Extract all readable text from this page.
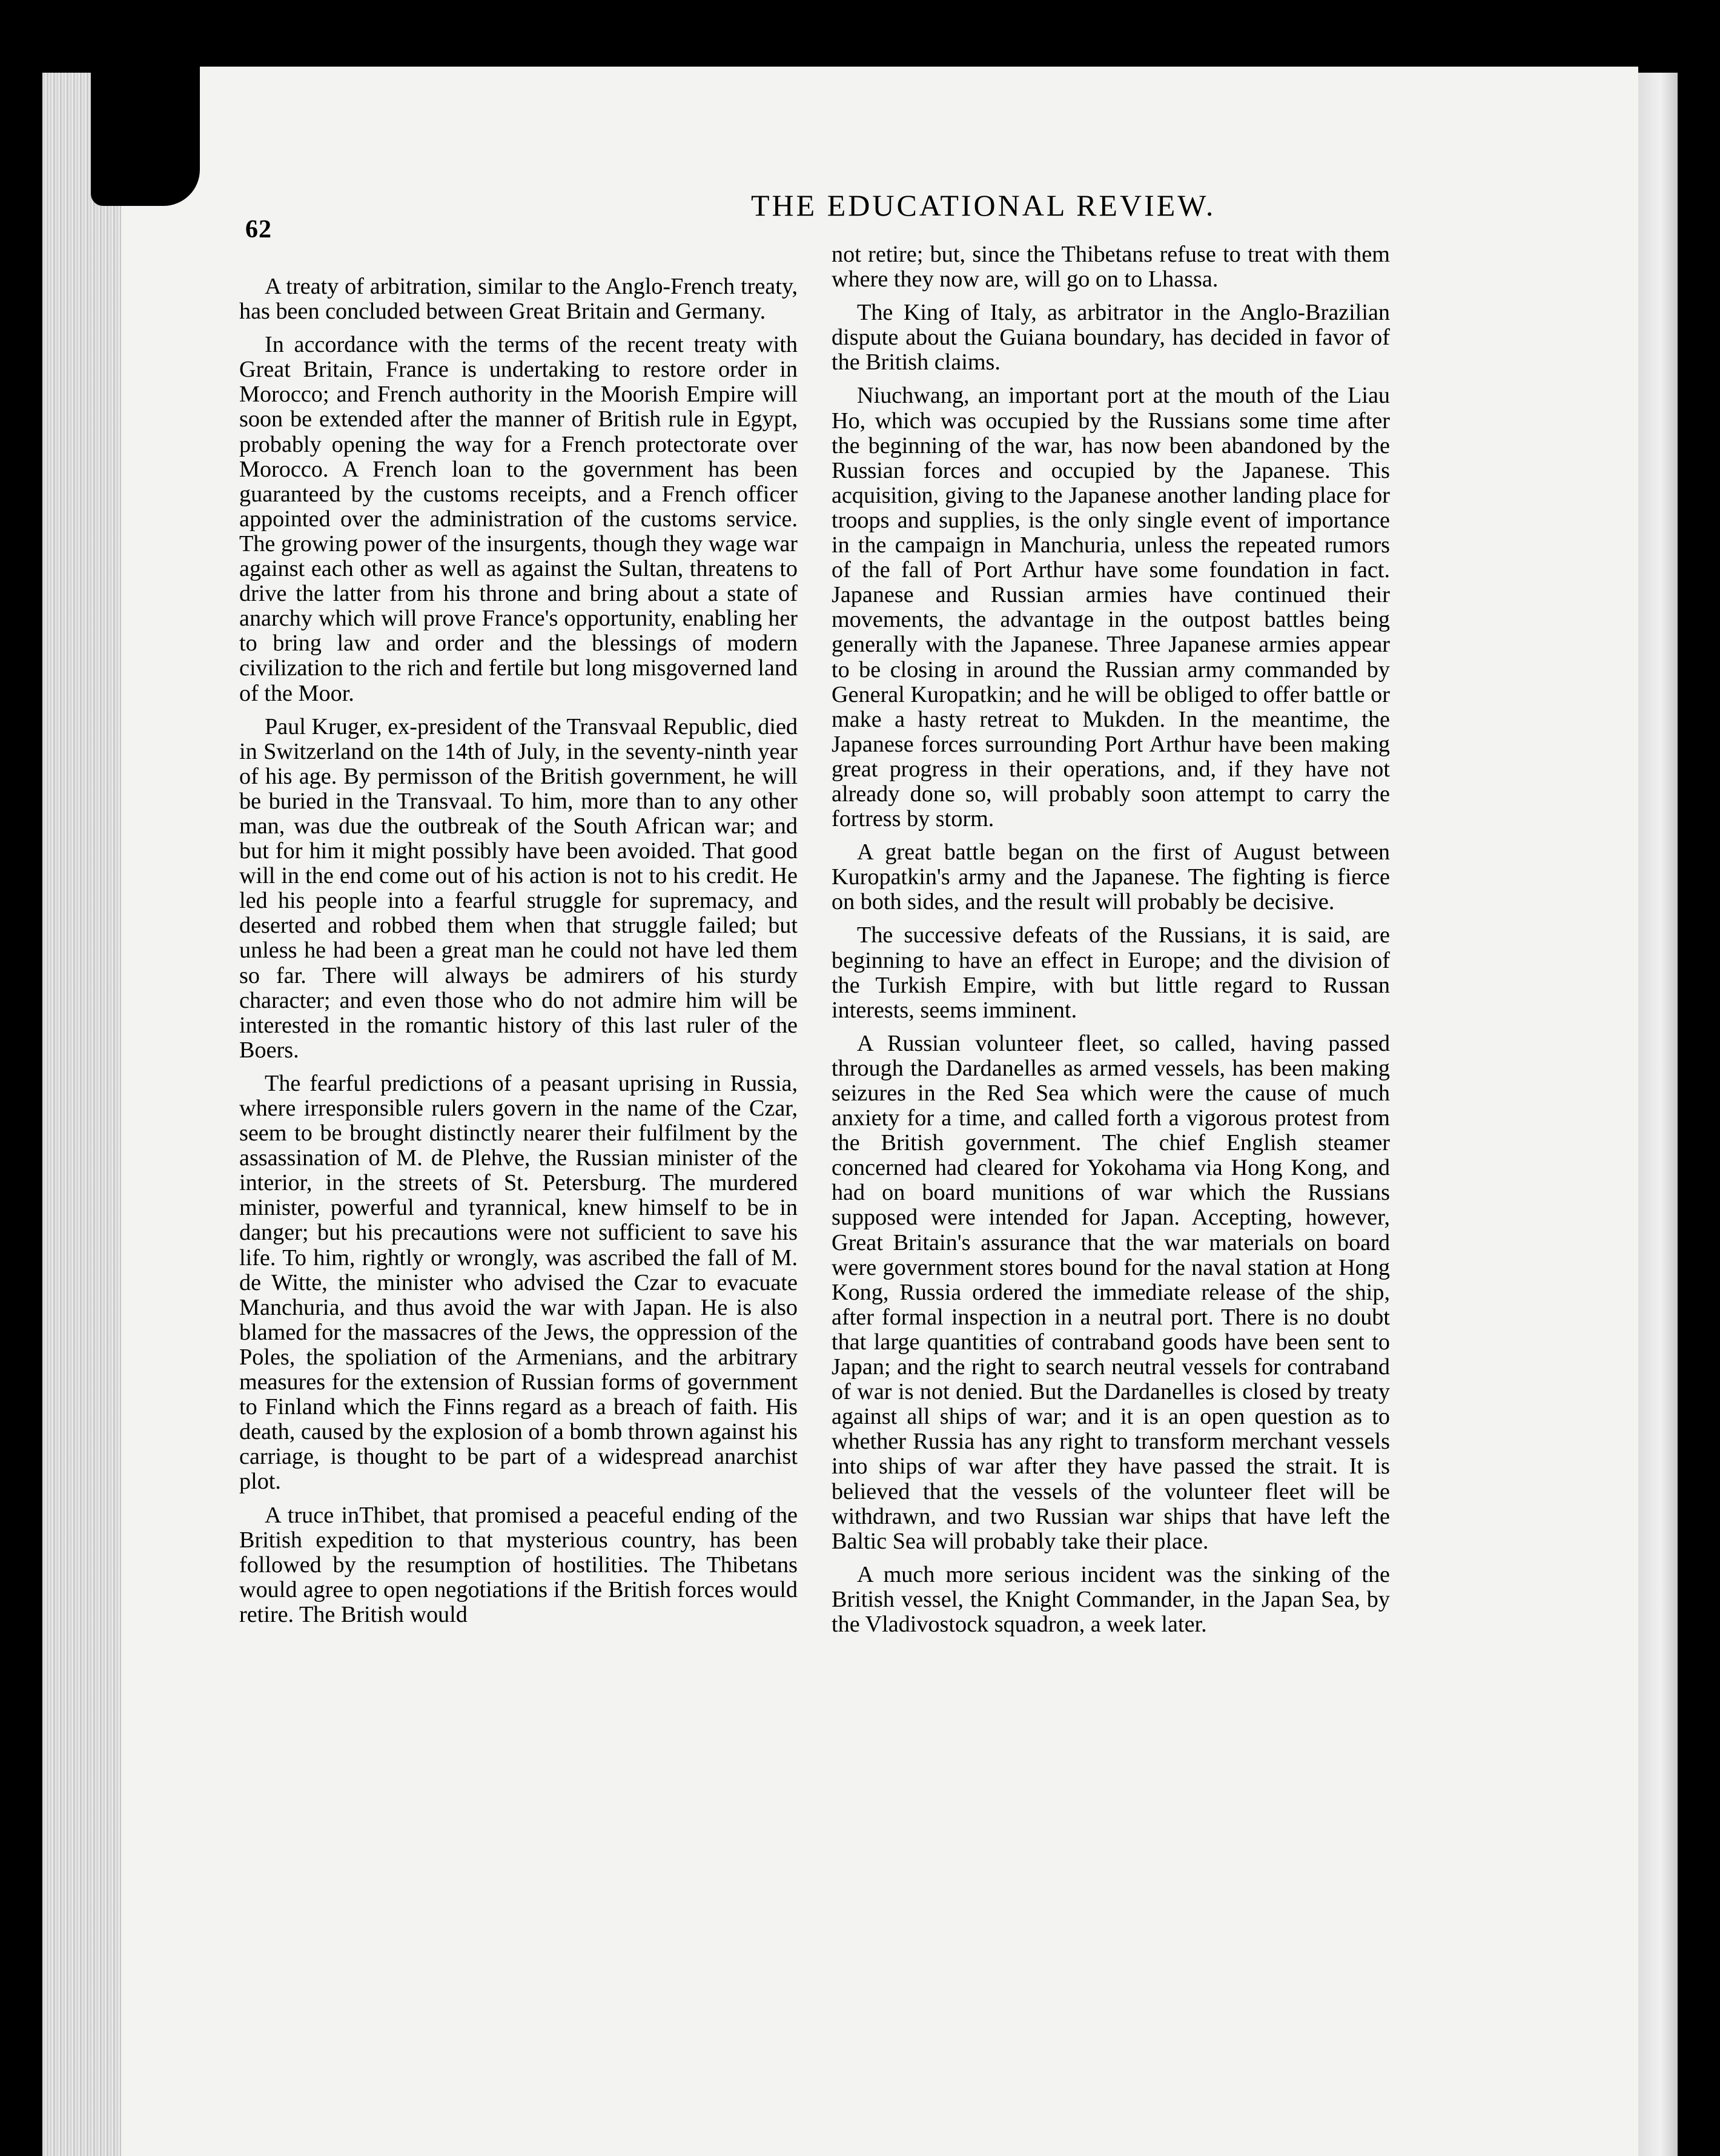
62
THE EDUCATIONAL REVIEW.

A treaty of arbitration, similar to the Anglo-French treaty, has been concluded between Great Britain and Germany.

In accordance with the terms of the recent treaty with Great Britain, France is undertaking to restore order in Morocco; and French authority in the Moorish Empire will soon be extended after the manner of British rule in Egypt, probably opening the way for a French protectorate over Morocco. A French loan to the government has been guaranteed by the customs receipts, and a French officer appointed over the administration of the customs service. The growing power of the insurgents, though they wage war against each other as well as against the Sultan, threatens to drive the latter from his throne and bring about a state of anarchy which will prove France's opportunity, enabling her to bring law and order and the blessings of modern civilization to the rich and fertile but long misgoverned land of the Moor.

Paul Kruger, ex-president of the Transvaal Republic, died in Switzerland on the 14th of July, in the seventy-ninth year of his age. By permisson of the British government, he will be buried in the Transvaal. To him, more than to any other man, was due the outbreak of the South African war; and but for him it might possibly have been avoided. That good will in the end come out of his action is not to his credit. He led his people into a fearful struggle for supremacy, and deserted and robbed them when that struggle failed; but unless he had been a great man he could not have led them so far. There will always be admirers of his sturdy character; and even those who do not admire him will be interested in the romantic history of this last ruler of the Boers.

The fearful predictions of a peasant uprising in Russia, where irresponsible rulers govern in the name of the Czar, seem to be brought distinctly nearer their fulfilment by the assassination of M. de Plehve, the Russian minister of the interior, in the streets of St. Petersburg. The murdered minister, powerful and tyrannical, knew himself to be in danger; but his precautions were not sufficient to save his life. To him, rightly or wrongly, was ascribed the fall of M. de Witte, the minister who advised the Czar to evacuate Manchuria, and thus avoid the war with Japan. He is also blamed for the massacres of the Jews, the oppression of the Poles, the spoliation of the Armenians, and the arbitrary measures for the extension of Russian forms of government to Finland which the Finns regard as a breach of faith. His death, caused by the explosion of a bomb thrown against his carriage, is thought to be part of a widespread anarchist plot.

A truce inThibet, that promised a peaceful ending of the British expedition to that mysterious country, has been followed by the resumption of hostilities. The Thibetans would agree to open negotiations if the British forces would retire. The British would

not retire; but, since the Thibetans refuse to treat with them where they now are, will go on to Lhassa.

The King of Italy, as arbitrator in the Anglo-Brazilian dispute about the Guiana boundary, has decided in favor of the British claims.

Niuchwang, an important port at the mouth of the Liau Ho, which was occupied by the Russians some time after the beginning of the war, has now been abandoned by the Russian forces and occupied by the Japanese. This acquisition, giving to the Japanese another landing place for troops and supplies, is the only single event of importance in the campaign in Manchuria, unless the repeated rumors of the fall of Port Arthur have some foundation in fact. Japanese and Russian armies have continued their movements, the advantage in the outpost battles being generally with the Japanese. Three Japanese armies appear to be closing in around the Russian army commanded by General Kuropatkin; and he will be obliged to offer battle or make a hasty retreat to Mukden. In the meantime, the Japanese forces surrounding Port Arthur have been making great progress in their operations, and, if they have not already done so, will probably soon attempt to carry the fortress by storm.

A great battle began on the first of August between Kuropatkin's army and the Japanese. The fighting is fierce on both sides, and the result will probably be decisive.

The successive defeats of the Russians, it is said, are beginning to have an effect in Europe; and the division of the Turkish Empire, with but little regard to Russan interests, seems imminent.

A Russian volunteer fleet, so called, having passed through the Dardanelles as armed vessels, has been making seizures in the Red Sea which were the cause of much anxiety for a time, and called forth a vigorous protest from the British government. The chief English steamer concerned had cleared for Yokohama via Hong Kong, and had on board munitions of war which the Russians supposed were intended for Japan. Accepting, however, Great Britain's assurance that the war materials on board were government stores bound for the naval station at Hong Kong, Russia ordered the immediate release of the ship, after formal inspection in a neutral port. There is no doubt that large quantities of contraband goods have been sent to Japan; and the right to search neutral vessels for contraband of war is not denied. But the Dardanelles is closed by treaty against all ships of war; and it is an open question as to whether Russia has any right to transform merchant vessels into ships of war after they have passed the strait. It is believed that the vessels of the volunteer fleet will be withdrawn, and two Russian war ships that have left the Baltic Sea will probably take their place.

A much more serious incident was the sinking of the British vessel, the Knight Commander, in the Japan Sea, by the Vladivostock squadron, a week later.
